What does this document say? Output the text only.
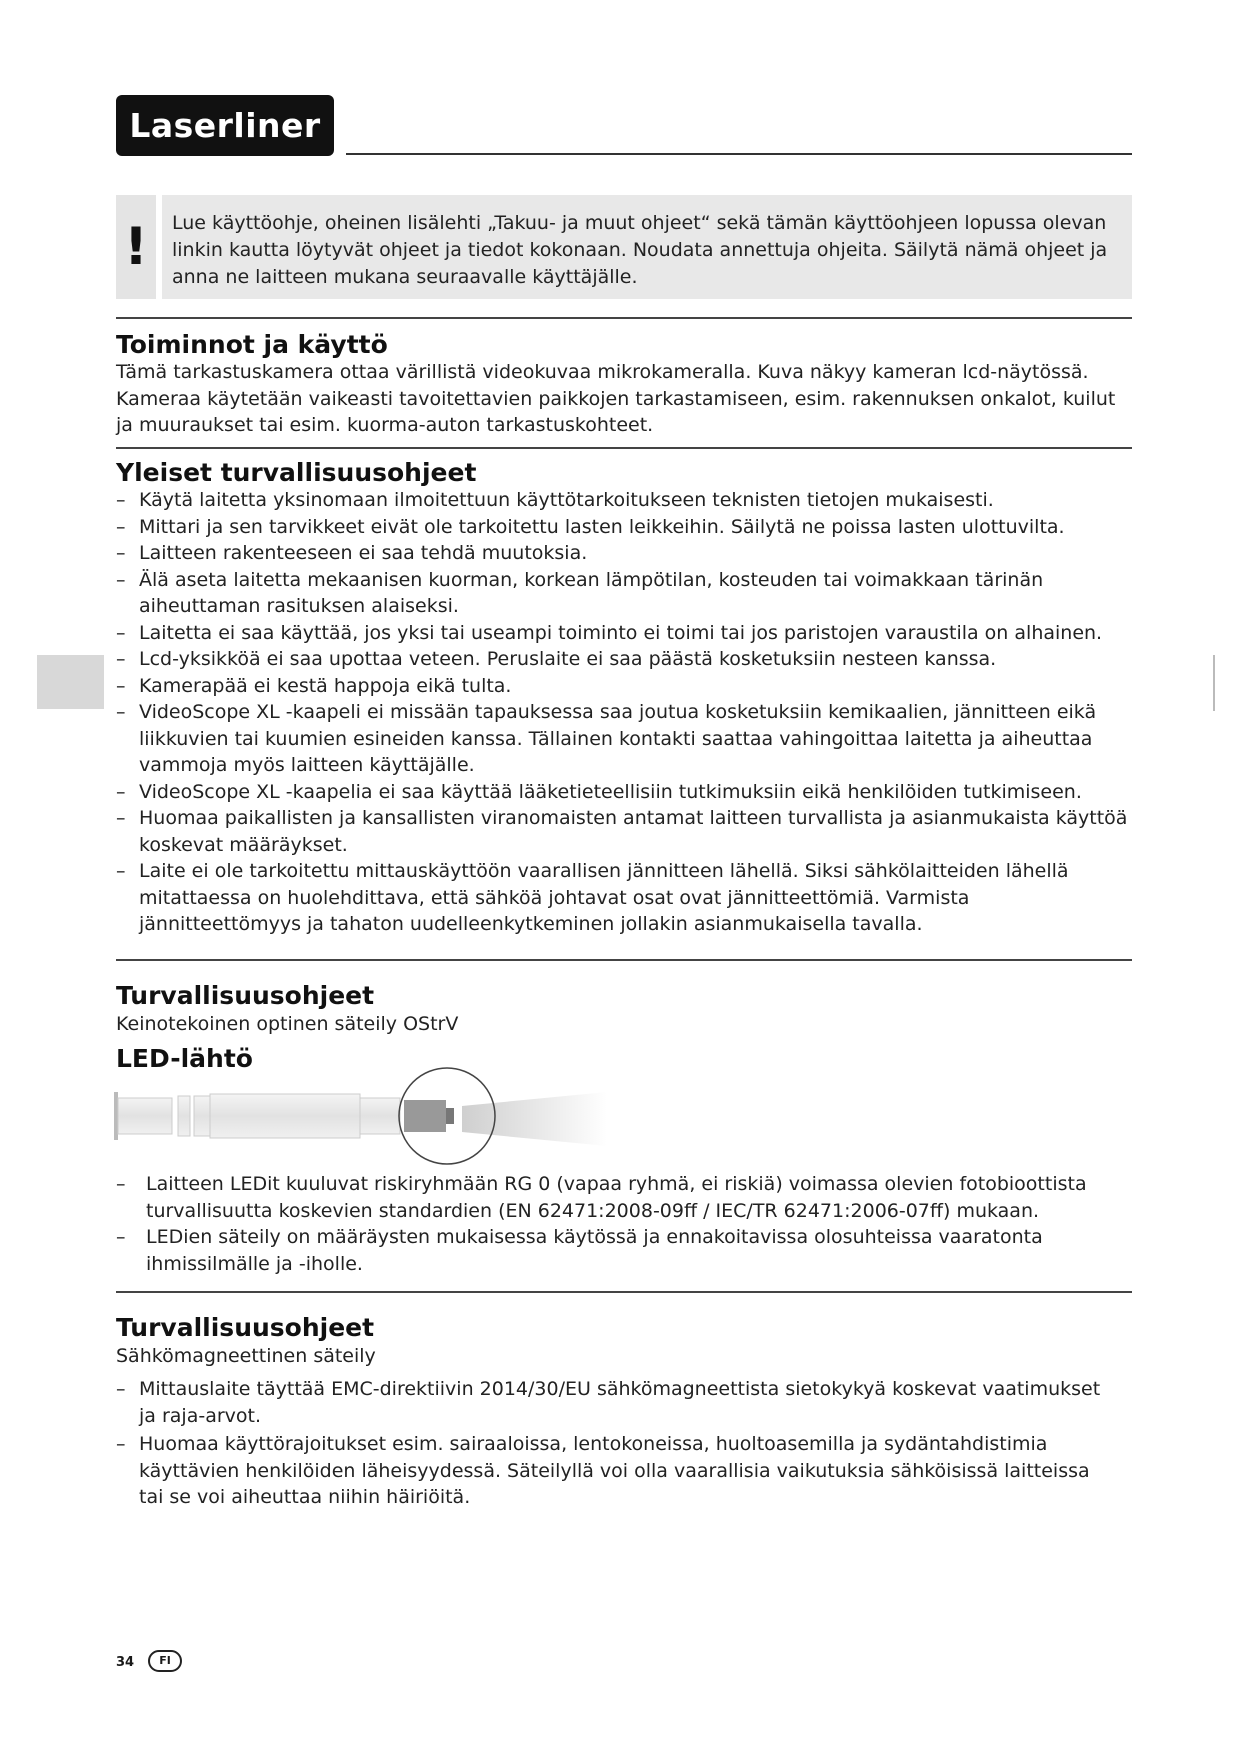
Laserliner
!	Lue käyttöohje, oheinen lisälehti „Takuu- ja muut ohjeet“ sekä tämän käyttöohjeen lopussa olevan linkin kautta löytyvät ohjeet ja tiedot kokonaan. Noudata annettuja ohjeita. Säilytä nämä ohjeet ja anna ne laitteen mukana seuraavalle käyttäjälle.
Toiminnot ja käyttö
Tämä tarkastuskamera ottaa värillistä videokuvaa mikrokameralla. Kuva näkyy kameran lcd-näytössä. Kameraa käytetään vaikeasti tavoitettavien paikkojen tarkastamiseen, esim. rakennuksen onkalot, kuilut ja muuraukset tai esim. kuorma-auton tarkastuskohteet.
Yleiset turvallisuusohjeet
– Käytä laitetta yksinomaan ilmoitettuun käyttötarkoitukseen teknisten tietojen mukaisesti.
– Mittari ja sen tarvikkeet eivät ole tarkoitettu lasten leikkeihin. Säilytä ne poissa lasten ulottuvilta.
– Laitteen rakenteeseen ei saa tehdä muutoksia.
– Älä aseta laitetta mekaanisen kuorman, korkean lämpötilan, kosteuden tai voimakkaan tärinän aiheuttaman rasituksen alaiseksi.
– Laitetta ei saa käyttää, jos yksi tai useampi toiminto ei toimi tai jos paristojen varaustila on alhainen.
– Lcd-yksikköä ei saa upottaa veteen. Peruslaite ei saa päästä kosketuksiin nesteen kanssa.
– Kamerapää ei kestä happoja eikä tulta.
– VideoScope XL -kaapeli ei missään tapauksessa saa joutua kosketuksiin kemikaalien, jännitteen eikä liikkuvien tai kuumien esineiden kanssa. Tällainen kontakti saattaa vahingoittaa laitetta ja aiheuttaa vammoja myös laitteen käyttäjälle.
– VideoScope XL -kaapelia ei saa käyttää lääketieteellisiin tutkimuksiin eikä henkilöiden tutkimiseen.
– Huomaa paikallisten ja kansallisten viranomaisten antamat laitteen turvallista ja asianmukaista käyttöä koskevat määräykset.
– Laite ei ole tarkoitettu mittauskäyttöön vaarallisen jännitteen lähellä. Siksi sähkölaitteiden lähellä mitattaessa on huolehdittava, että sähköä johtavat osat ovat jännitteettömiä. Varmista jännitteettömyys ja tahaton uudelleenkytkeminen jollakin asianmukaisella tavalla.
Turvallisuusohjeet
Keinotekoinen optinen säteily OStrV
LED-lähtö
–	Laitteen LEDit kuuluvat riskiryhmään RG 0 (vapaa ryhmä, ei riskiä) voimassa olevien fotobioottista turvallisuutta koskevien standardien (EN 62471:2008-09ff / IEC/TR 62471:2006-07ff) mukaan.
–	LEDien säteily on määräysten mukaisessa käytössä ja ennakoitavissa olosuhteissa vaaratonta ihmissilmälle ja -iholle.
Turvallisuusohjeet
Sähkömagneettinen säteily
– Mittauslaite täyttää EMC-direktiivin 2014/30/EU sähkömagneettista sietokykyä koskevat vaatimukset ja raja-arvot.
– Huomaa käyttörajoitukset esim. sairaaloissa, lentokoneissa, huoltoasemilla ja sydäntahdistimia käyttävien henkilöiden läheisyydessä. Säteilyllä voi olla vaarallisia vaikutuksia sähköisissä laitteissa tai se voi aiheuttaa niihin häiriöitä.
34	FI
